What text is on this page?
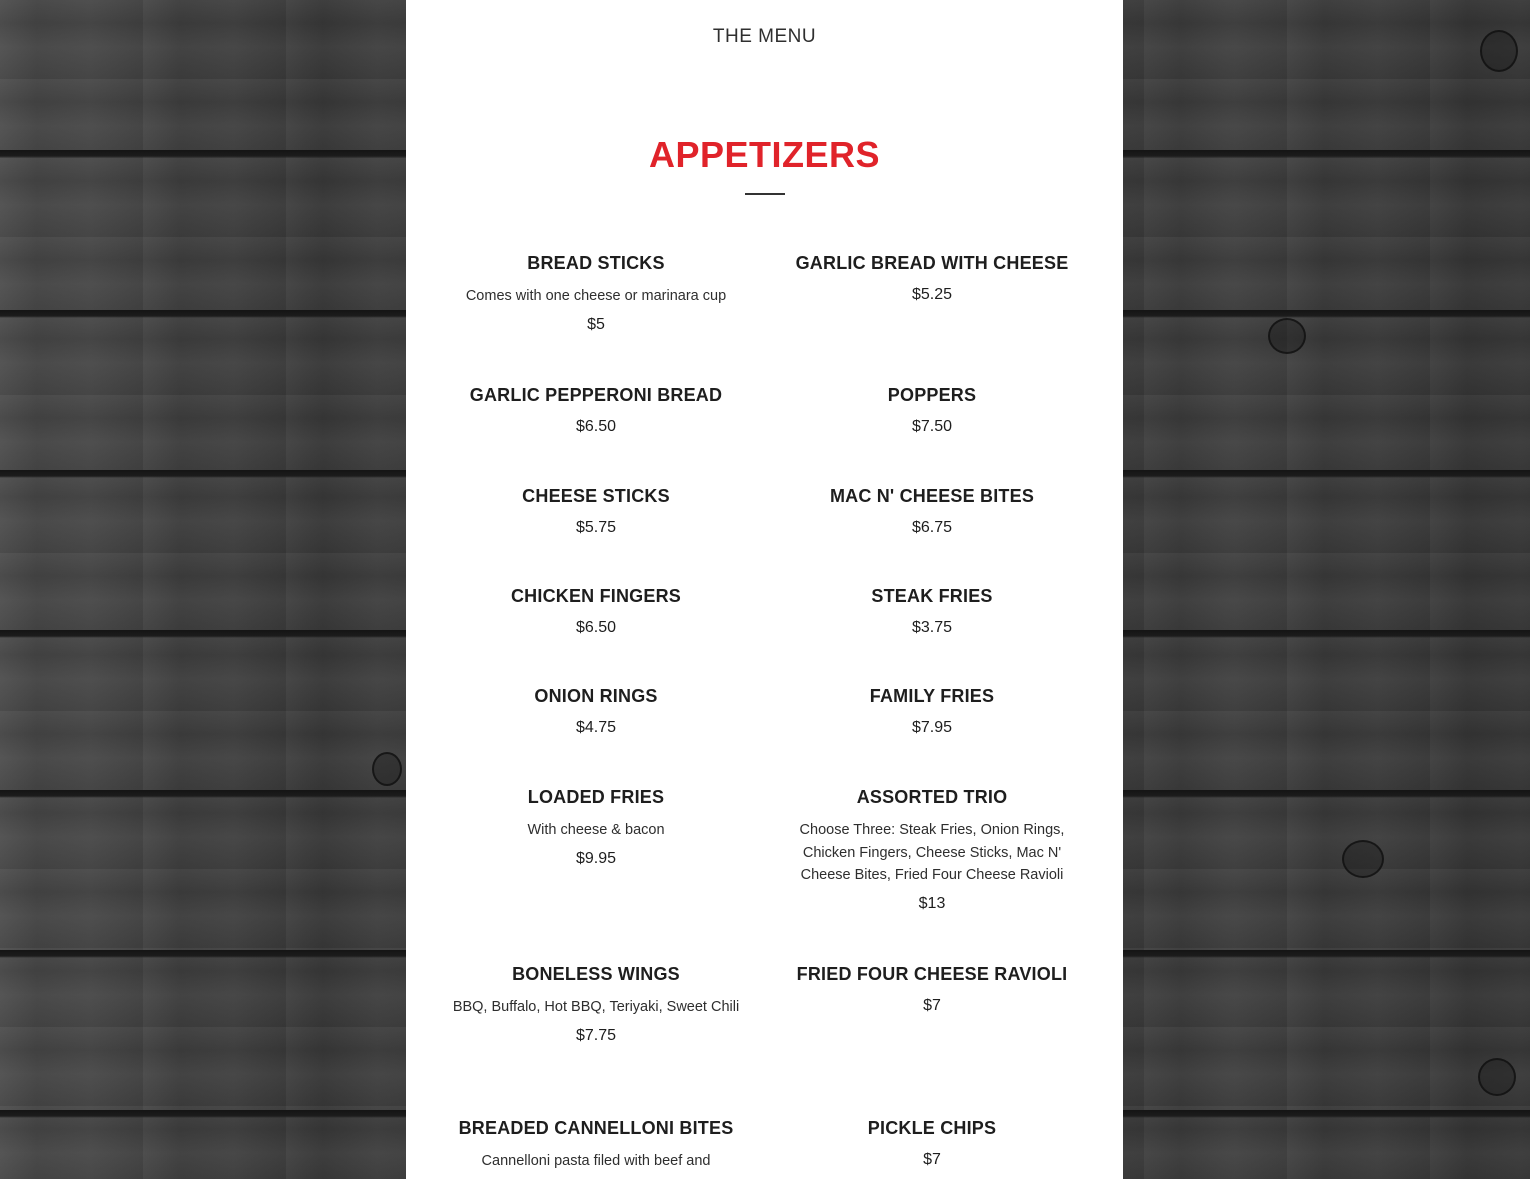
THE MENU
APPETIZERS
BREAD STICKS
Comes with one cheese or marinara cup
$5
GARLIC BREAD WITH CHEESE
$5.25
GARLIC PEPPERONI BREAD
$6.50
POPPERS
$7.50
CHEESE STICKS
$5.75
MAC N' CHEESE BITES
$6.75
CHICKEN FINGERS
$6.50
STEAK FRIES
$3.75
ONION RINGS
$4.75
FAMILY FRIES
$7.95
LOADED FRIES
With cheese & bacon
$9.95
ASSORTED TRIO
Choose Three: Steak Fries, Onion Rings, Chicken Fingers, Cheese Sticks, Mac N' Cheese Bites, Fried Four Cheese Ravioli
$13
BONELESS WINGS
BBQ, Buffalo, Hot BBQ, Teriyaki, Sweet Chili
$7.75
FRIED FOUR CHEESE RAVIOLI
$7
BREADED CANNELLONI BITES
Cannelloni pasta filed with beef and
PICKLE CHIPS
$7
